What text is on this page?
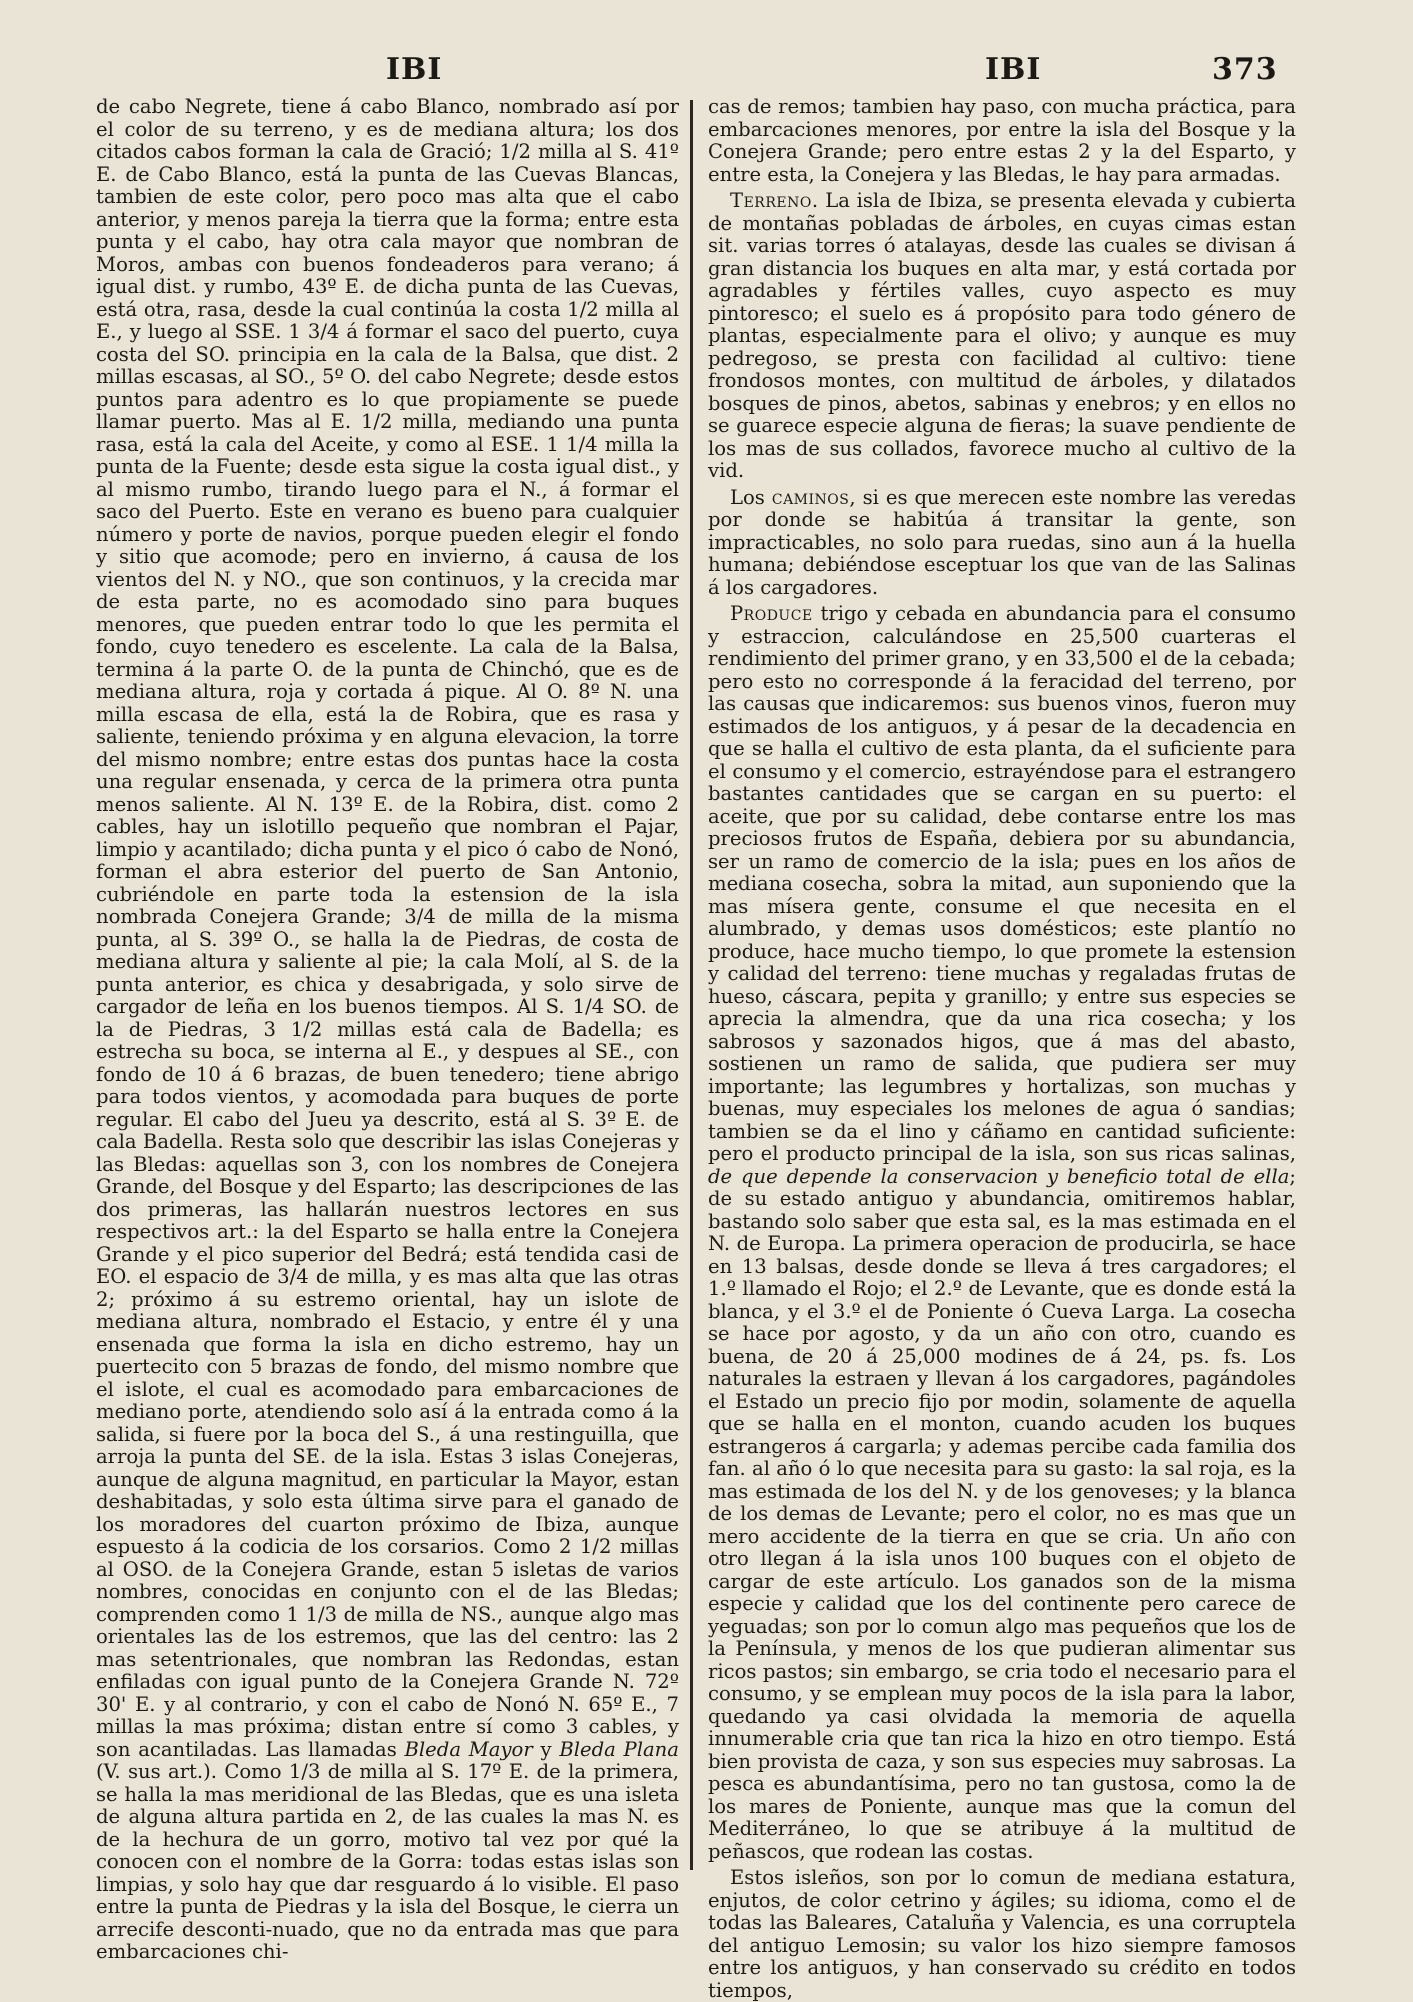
IBI	IBI	373

de cabo Negrete, tiene á cabo Blanco, nombrado así por el color de su terreno, y es de mediana altura; los dos citados cabos forman la cala de Gració; 1/2 milla al S. 41º E. de Cabo Blanco, está la punta de las Cuevas Blancas, tambien de este color, pero poco mas alta que el cabo anterior, y menos pareja la tierra que la forma; entre esta punta y el cabo, hay otra cala mayor que nombran de Moros, ambas con buenos fondeaderos para verano; á igual dist. y rumbo, 43º E. de dicha punta de las Cuevas, está otra, rasa, desde la cual continúa la costa 1/2 milla al E., y luego al SSE. 1 3/4 á formar el saco del puerto, cuya costa del SO. principia en la cala de la Balsa, que dist. 2 millas escasas, al SO., 5º O. del cabo Negrete; desde estos puntos para adentro es lo que propiamente se puede llamar puerto. Mas al E. 1/2 milla, mediando una punta rasa, está la cala del Aceite, y como al ESE. 1 1/4 milla la punta de la Fuente; desde esta sigue la costa igual dist., y al mismo rumbo, tirando luego para el N., á formar el saco del Puerto. Este en verano es bueno para cualquier número y porte de navios, porque pueden elegir el fondo y sitio que acomode; pero en invierno, á causa de los vientos del N. y NO., que son continuos, y la crecida mar de esta parte, no es acomodado sino para buques menores, que pueden entrar todo lo que les permita el fondo, cuyo tenedero es escelente. La cala de la Balsa, termina á la parte O. de la punta de Chinchó, que es de mediana altura, roja y cortada á pique. Al O. 8º N. una milla escasa de ella, está la de Robira, que es rasa y saliente, teniendo próxima y en alguna elevacion, la torre del mismo nombre; entre estas dos puntas hace la costa una regular ensenada, y cerca de la primera otra punta menos saliente. Al N. 13º E. de la Robira, dist. como 2 cables, hay un islotillo pequeño que nombran el Pajar, limpio y acantilado; dicha punta y el pico ó cabo de Nonó, forman el abra esterior del puerto de San Antonio, cubriéndole en parte toda la estension de la isla nombrada Conejera Grande; 3/4 de milla de la misma punta, al S. 39º O., se halla la de Piedras, de costa de mediana altura y saliente al pie; la cala Molí, al S. de la punta anterior, es chica y desabrigada, y solo sirve de cargador de leña en los buenos tiempos. Al S. 1/4 SO. de la de Piedras, 3 1/2 millas está cala de Badella; es estrecha su boca, se interna al E., y despues al SE., con fondo de 10 á 6 brazas, de buen tenedero; tiene abrigo para todos vientos, y acomodada para buques de porte regular. El cabo del Jueu ya descrito, está al S. 3º E. de cala Badella. Resta solo que describir las islas Conejeras y las Bledas: aquellas son 3, con los nombres de Conejera Grande, del Bosque y del Esparto; las descripciones de las dos primeras, las hallarán nuestros lectores en sus respectivos art.: la del Esparto se halla entre la Conejera Grande y el pico superior del Bedrá; está tendida casi de EO. el espacio de 3/4 de milla, y es mas alta que las otras 2; próximo á su estremo oriental, hay un islote de mediana altura, nombrado el Estacio, y entre él y una ensenada que forma la isla en dicho estremo, hay un puertecito con 5 brazas de fondo, del mismo nombre que el islote, el cual es acomodado para embarcaciones de mediano porte, atendiendo solo así á la entrada como á la salida, si fuere por la boca del S., á una restinguilla, que arroja la punta del SE. de la isla. Estas 3 islas Conejeras, aunque de alguna magnitud, en particular la Mayor, estan deshabitadas, y solo esta última sirve para el ganado de los moradores del cuarton próximo de Ibiza, aunque espuesto á la codicia de los corsarios. Como 2 1/2 millas al OSO. de la Conejera Grande, estan 5 isletas de varios nombres, conocidas en conjunto con el de las Bledas; comprenden como 1 1/3 de milla de NS., aunque algo mas orientales las de los estremos, que las del centro: las 2 mas setentrionales, que nombran las Redondas, estan enfiladas con igual punto de la Conejera Grande N. 72º 30' E. y al contrario, y con el cabo de Nonó N. 65º E., 7 millas la mas próxima; distan entre sí como 3 cables, y son acantiladas. Las llamadas Bleda Mayor y Bleda Plana (V. sus art.). Como 1/3 de milla al S. 17º E. de la primera, se halla la mas meridional de las Bledas, que es una isleta de alguna altura partida en 2, de las cuales la mas N. es de la hechura de un gorro, motivo tal vez por qué la conocen con el nombre de la Gorra: todas estas islas son limpias, y solo hay que dar resguardo á lo visible. El paso entre la punta de Piedras y la isla del Bosque, le cierra un arrecife desconti-nuado, que no da entrada mas que para embarcaciones chi-

cas de remos; tambien hay paso, con mucha práctica, para embarcaciones menores, por entre la isla del Bosque y la Conejera Grande; pero entre estas 2 y la del Esparto, y entre esta, la Conejera y las Bledas, le hay para armadas.

Terreno. La isla de Ibiza, se presenta elevada y cubierta de montañas pobladas de árboles, en cuyas cimas estan sit. varias torres ó atalayas, desde las cuales se divisan á gran distancia los buques en alta mar, y está cortada por agradables y fértiles valles, cuyo aspecto es muy pintoresco; el suelo es á propósito para todo género de plantas, especialmente para el olivo; y aunque es muy pedregoso, se presta con facilidad al cultivo: tiene frondosos montes, con multitud de árboles, y dilatados bosques de pinos, abetos, sabinas y enebros; y en ellos no se guarece especie alguna de fieras; la suave pendiente de los mas de sus collados, favorece mucho al cultivo de la vid.

Los caminos, si es que merecen este nombre las veredas por donde se habitúa á transitar la gente, son impracticables, no solo para ruedas, sino aun á la huella humana; debiéndose esceptuar los que van de las Salinas á los cargadores.

Produce trigo y cebada en abundancia para el consumo y estraccion, calculándose en 25,500 cuarteras el rendimiento del primer grano, y en 33,500 el de la cebada; pero esto no corresponde á la feracidad del terreno, por las causas que indicaremos: sus buenos vinos, fueron muy estimados de los antiguos, y á pesar de la decadencia en que se halla el cultivo de esta planta, da el suficiente para el consumo y el comercio, estrayéndose para el estrangero bastantes cantidades que se cargan en su puerto: el aceite, que por su calidad, debe contarse entre los mas preciosos frutos de España, debiera por su abundancia, ser un ramo de comercio de la isla; pues en los años de mediana cosecha, sobra la mitad, aun suponiendo que la mas mísera gente, consume el que necesita en el alumbrado, y demas usos domésticos; este plantío no produce, hace mucho tiempo, lo que promete la estension y calidad del terreno: tiene muchas y regaladas frutas de hueso, cáscara, pepita y granillo; y entre sus especies se aprecia la almendra, que da una rica cosecha; y los sabrosos y sazonados higos, que á mas del abasto, sostienen un ramo de salida, que pudiera ser muy importante; las legumbres y hortalizas, son muchas y buenas, muy especiales los melones de agua ó sandias; tambien se da el lino y cáñamo en cantidad suficiente: pero el producto principal de la isla, son sus ricas salinas, de que depende la conservacion y beneficio total de ella; de su estado antiguo y abundancia, omitiremos hablar, bastando solo saber que esta sal, es la mas estimada en el N. de Europa. La primera operacion de producirla, se hace en 13 balsas, desde donde se lleva á tres cargadores; el 1.º llamado el Rojo; el 2.º de Levante, que es donde está la blanca, y el 3.º el de Poniente ó Cueva Larga. La cosecha se hace por agosto, y da un año con otro, cuando es buena, de 20 á 25,000 modines de á 24, ps. fs. Los naturales la estraen y llevan á los cargadores, pagándoles el Estado un precio fijo por modin, solamente de aquella que se halla en el monton, cuando acuden los buques estrangeros á cargarla; y ademas percibe cada familia dos fan. al año ó lo que necesita para su gasto: la sal roja, es la mas estimada de los del N. y de los genoveses; y la blanca de los demas de Levante; pero el color, no es mas que un mero accidente de la tierra en que se cria. Un año con otro llegan á la isla unos 100 buques con el objeto de cargar de este artículo. Los ganados son de la misma especie y calidad que los del continente pero carece de yeguadas; son por lo comun algo mas pequeños que los de la Península, y menos de los que pudieran alimentar sus ricos pastos; sin embargo, se cria todo el necesario para el consumo, y se emplean muy pocos de la isla para la labor, quedando ya casi olvidada la memoria de aquella innumerable cria que tan rica la hizo en otro tiempo. Está bien provista de caza, y son sus especies muy sabrosas. La pesca es abundantísima, pero no tan gustosa, como la de los mares de Poniente, aunque mas que la comun del Mediterráneo, lo que se atribuye á la multitud de peñascos, que rodean las costas.

Estos isleños, son por lo comun de mediana estatura, enjutos, de color cetrino y ágiles; su idioma, como el de todas las Baleares, Cataluña y Valencia, es una corruptela del antiguo Lemosin; su valor los hizo siempre famosos entre los antiguos, y han conservado su crédito en todos tiempos,
